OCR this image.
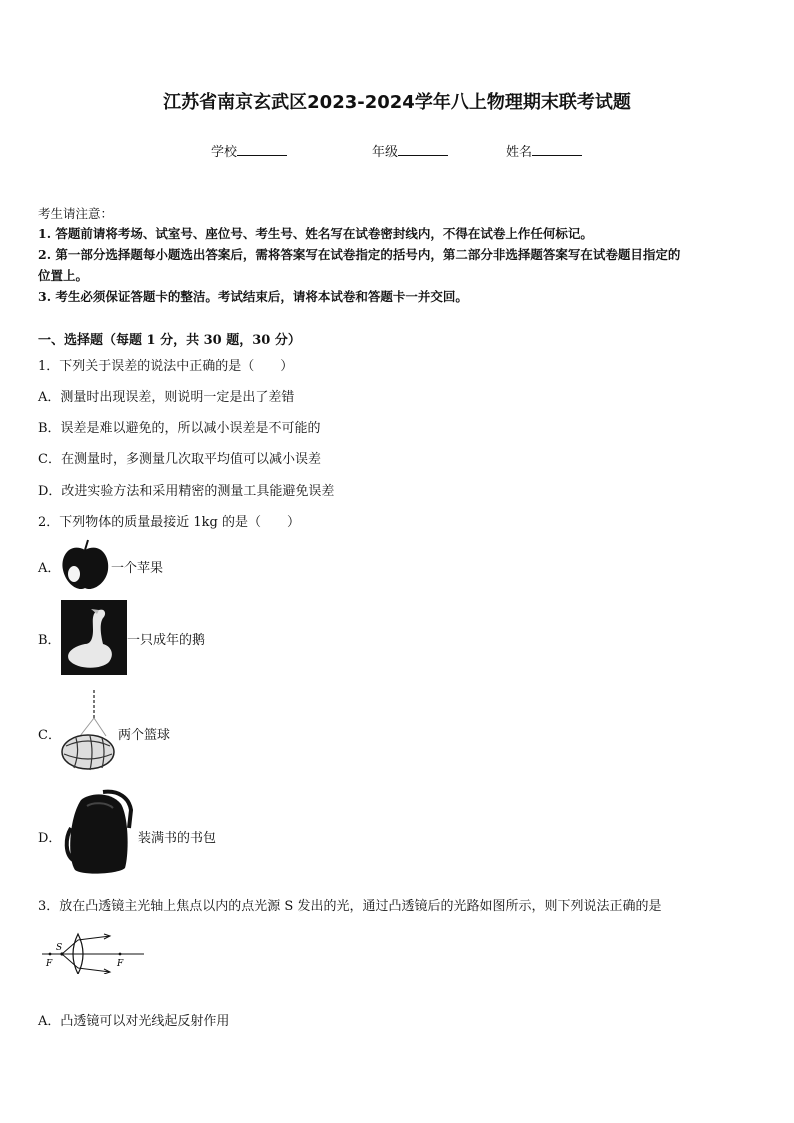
江苏省南京玄武区2023-2024学年八上物理期末联考试题
学校	年级	姓名
考生请注意：
1. 答题前请将考场、试室号、座位号、考生号、姓名写在试卷密封线内，不得在试卷上作任何标记。
2. 第一部分选择题每小题选出答案后，需将答案写在试卷指定的括号内，第二部分非选择题答案写在试卷题目指定的
位置上。
3. 考生必须保证答题卡的整洁。考试结束后，请将本试卷和答题卡一并交回。
一、选择题（每题 1 分，共 30 题，30 分）
1．下列关于误差的说法中正确的是（　　）
A．测量时出现误差，则说明一定是出了差错
B．误差是难以避免的，所以减小误差是不可能的
C．在测量时，多测量几次取平均值可以减小误差
D．改进实验方法和采用精密的测量工具能避免误差
2．下列物体的质量最接近 1kg 的是（　　）
A．	一个苹果
B．	一只成年的鹅
C．	两个篮球
D．	装满书的书包
3．放在凸透镜主光轴上焦点以内的点光源 S 发出的光，通过凸透镜后的光路如图所示，则下列说法正确的是
S
F	F
A．凸透镜可以对光线起反射作用
